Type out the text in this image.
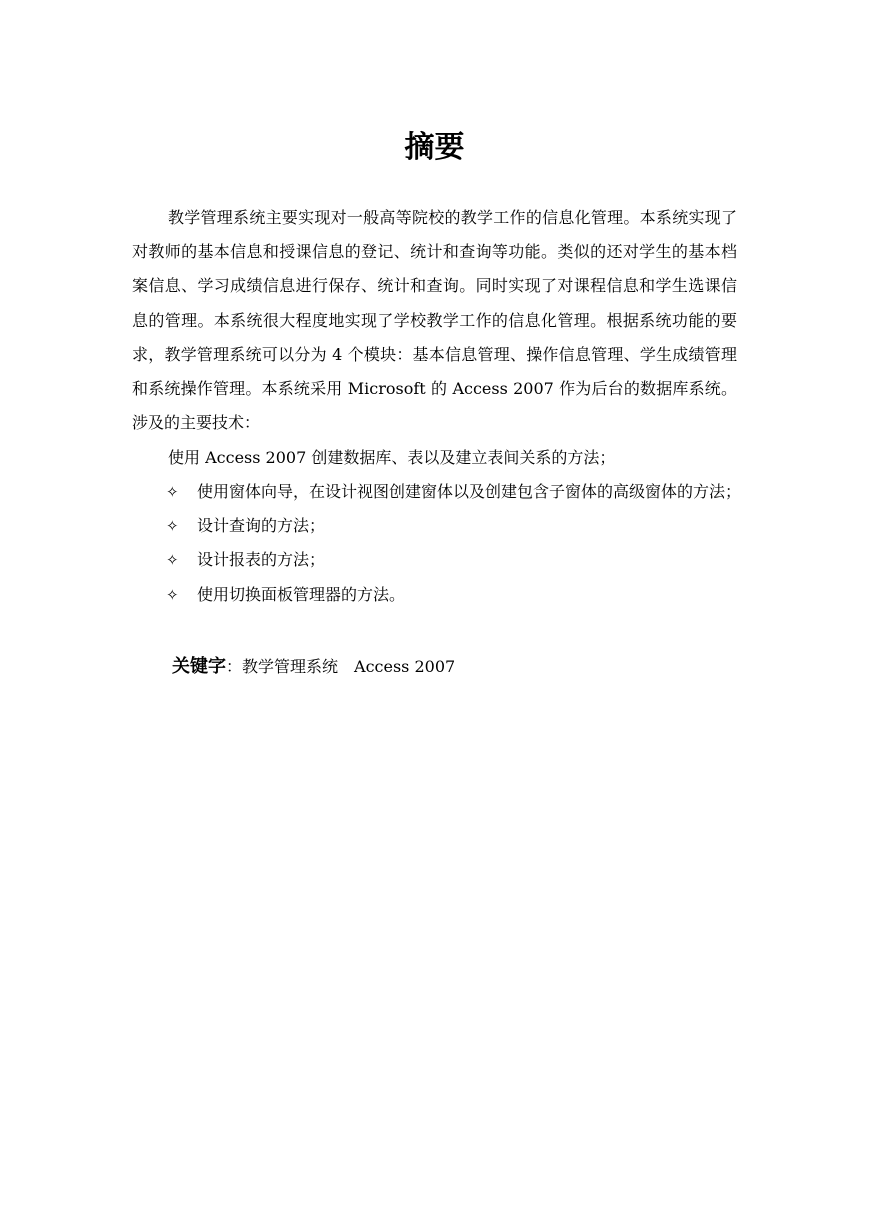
摘要

教学管理系统主要实现对一般高等院校的教学工作的信息化管理。本系统实现了对教师的基本信息和授课信息的登记、统计和查询等功能。类似的还对学生的基本档案信息、学习成绩信息进行保存、统计和查询。同时实现了对课程信息和学生选课信息的管理。本系统很大程度地实现了学校教学工作的信息化管理。根据系统功能的要求，教学管理系统可以分为 4 个模块：基本信息管理、操作信息管理、学生成绩管理和系统操作管理。本系统采用 Microsoft 的 Access 2007 作为后台的数据库系统。涉及的主要技术：

使用 Access 2007 创建数据库、表以及建立表间关系的方法；
✧ 使用窗体向导，在设计视图创建窗体以及创建包含子窗体的高级窗体的方法；
✧ 设计查询的方法；
✧ 设计报表的方法；
✧ 使用切换面板管理器的方法。
关键字：教学管理系统　Access 2007
